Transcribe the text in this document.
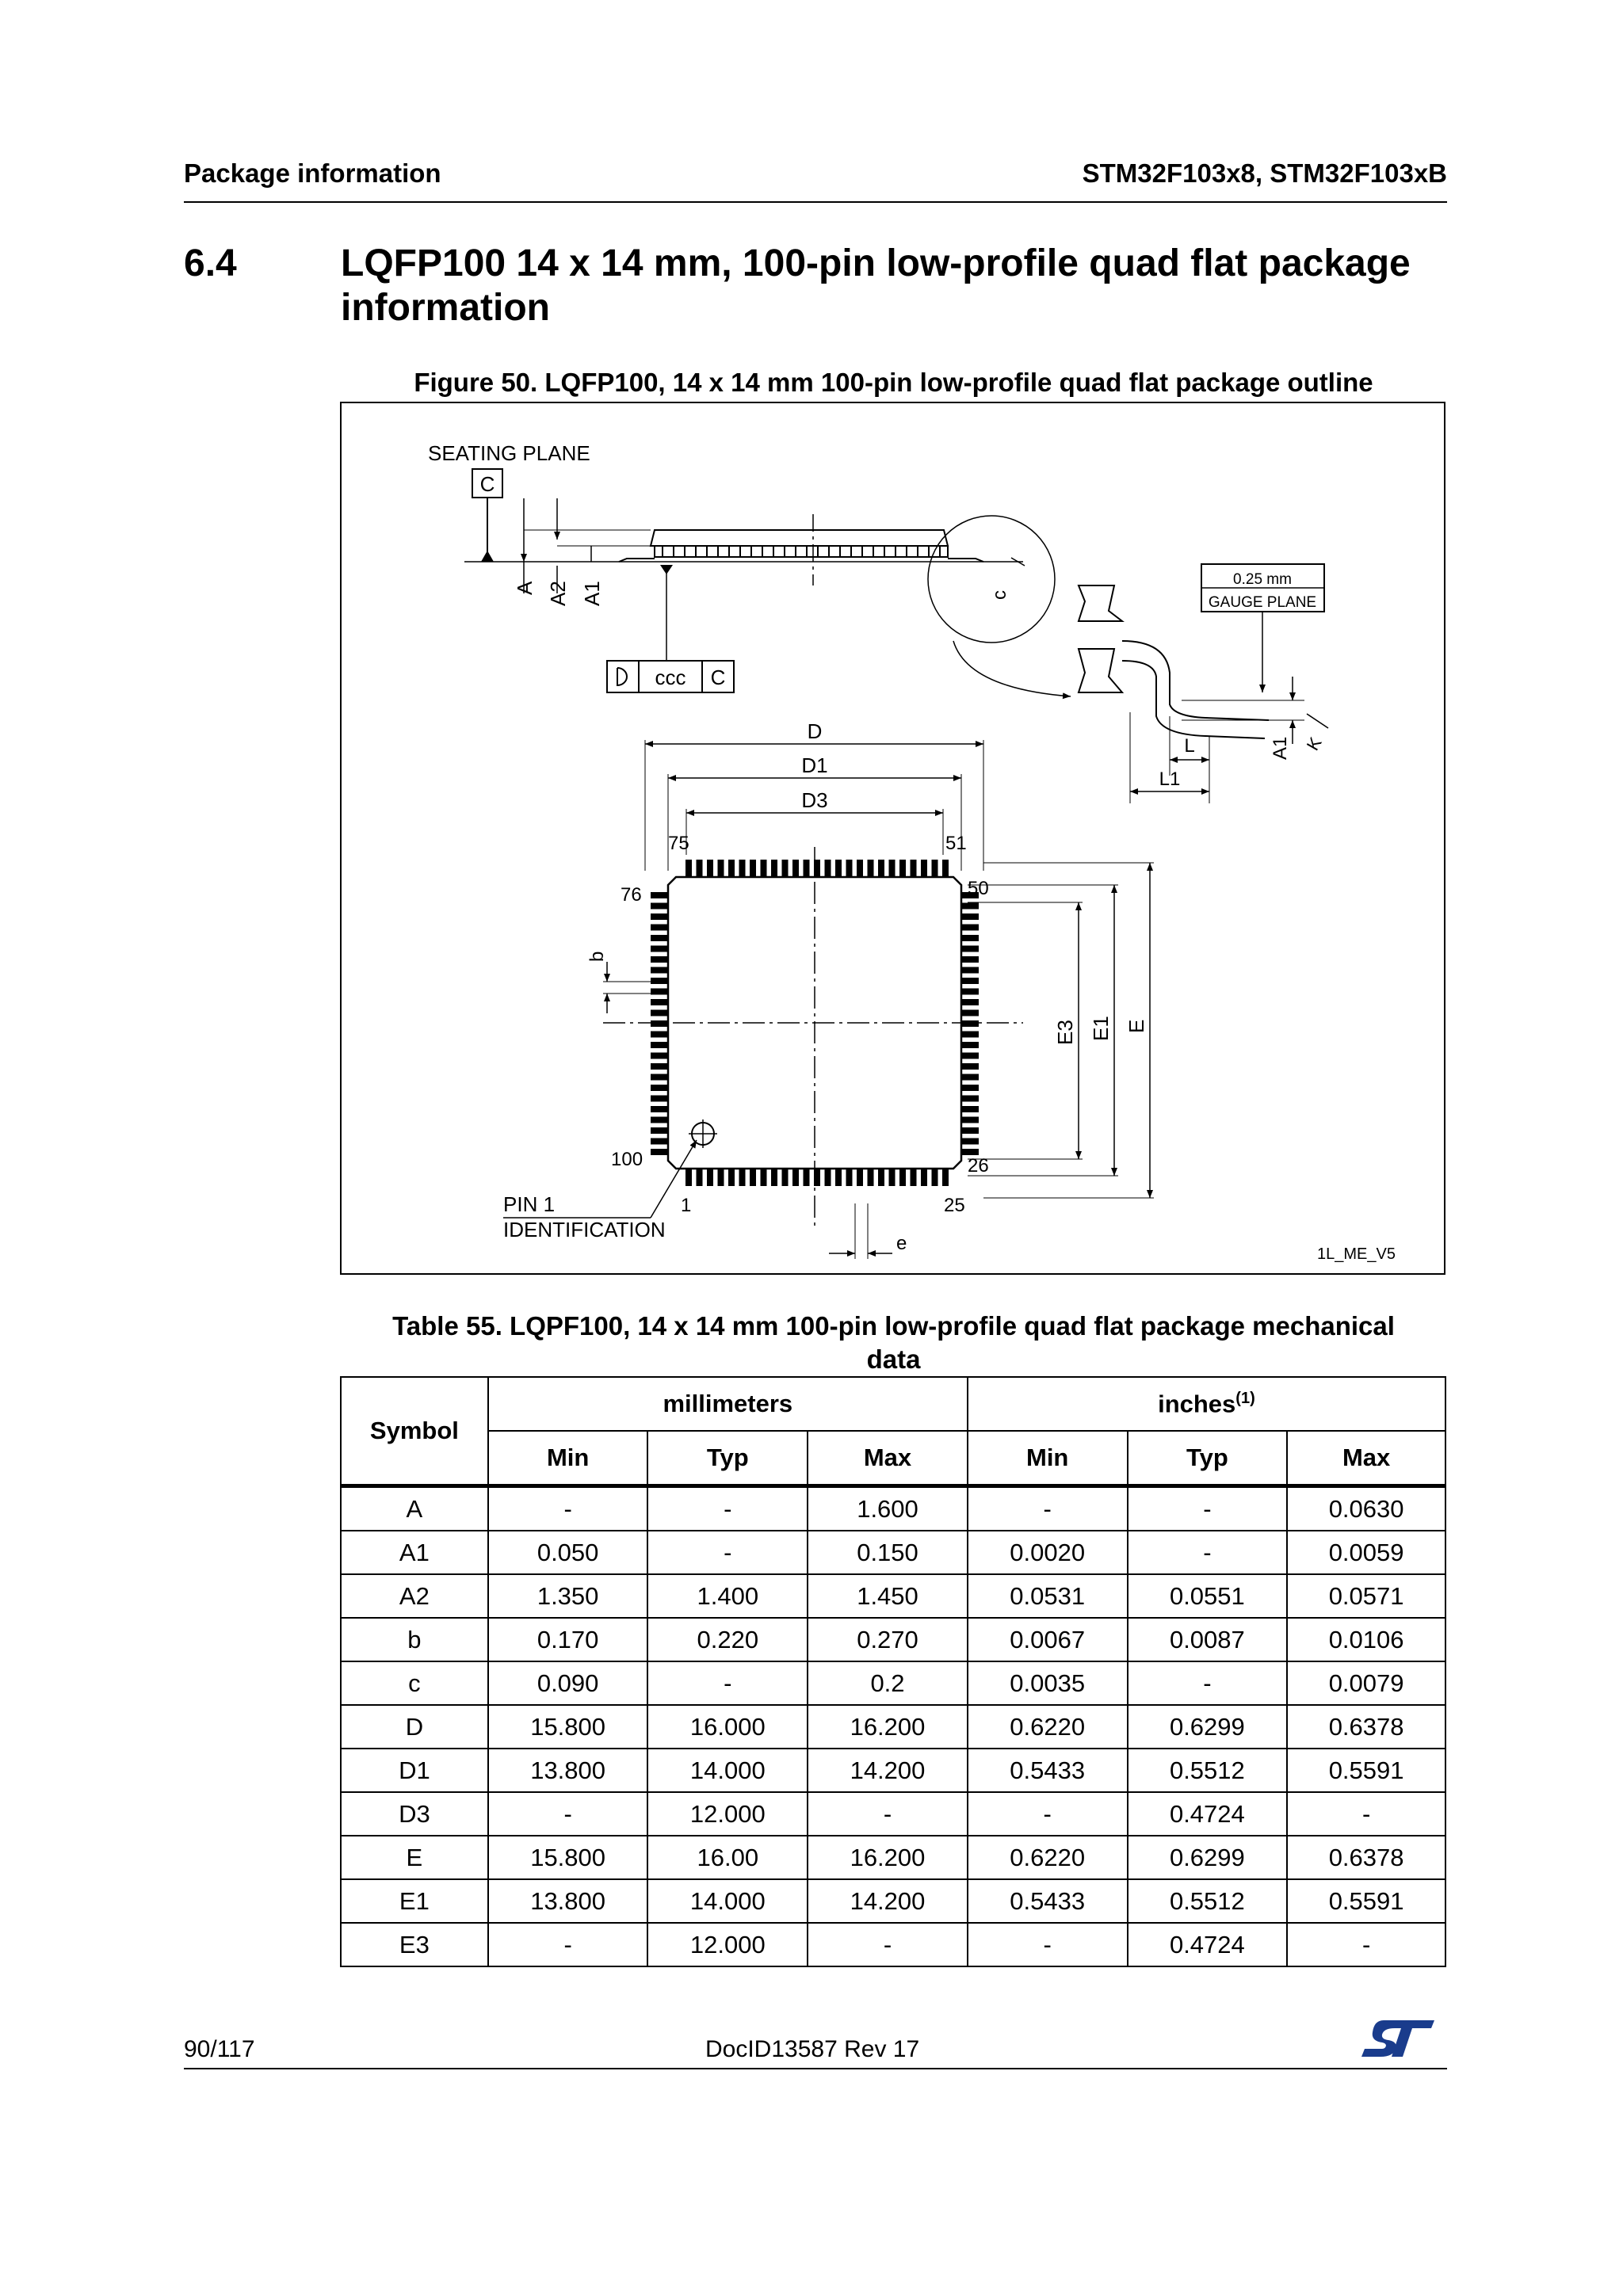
Package information	STM32F103x8, STM32F103xB
6.4	LQFP100 14 x 14 mm, 100-pin low-profile quad flat package information
Figure 50. LQFP100, 14 x 14 mm 100-pin low-profile quad flat package outline
SEATING PLANE
C
A A2 A1
ccc C
c
0.25 mm
GAUGE PLANE
A1 K
L
L1
D
D1
D3
75	51
76	50
100	26
1	25
b
E3 E1 E
PIN 1
IDENTIFICATION
e	1L_ME_V5
Table 55. LQPF100, 14 x 14 mm 100-pin low-profile quad flat package mechanical
data
Symbol	millimeters			inches$^{(1)}$
	Min	Typ	Max	Min	Typ	Max
A	-	-	1.600	-	-	0.0630
A1	0.050	-	0.150	0.0020	-	0.0059
A2	1.350	1.400	1.450	0.0531	0.0551	0.0571
b	0.170	0.220	0.270	0.0067	0.0087	0.0106
c	0.090	-	0.2	0.0035	-	0.0079
D	15.800	16.000	16.200	0.6220	0.6299	0.6378
D1	13.800	14.000	14.200	0.5433	0.5512	0.5591
D3	-	12.000	-	-	0.4724	-
E	15.800	16.00	16.200	0.6220	0.6299	0.6378
E1	13.800	14.000	14.200	0.5433	0.5512	0.5591
E3	-	12.000	-	-	0.4724	-
90/117	DocID13587 Rev 17
